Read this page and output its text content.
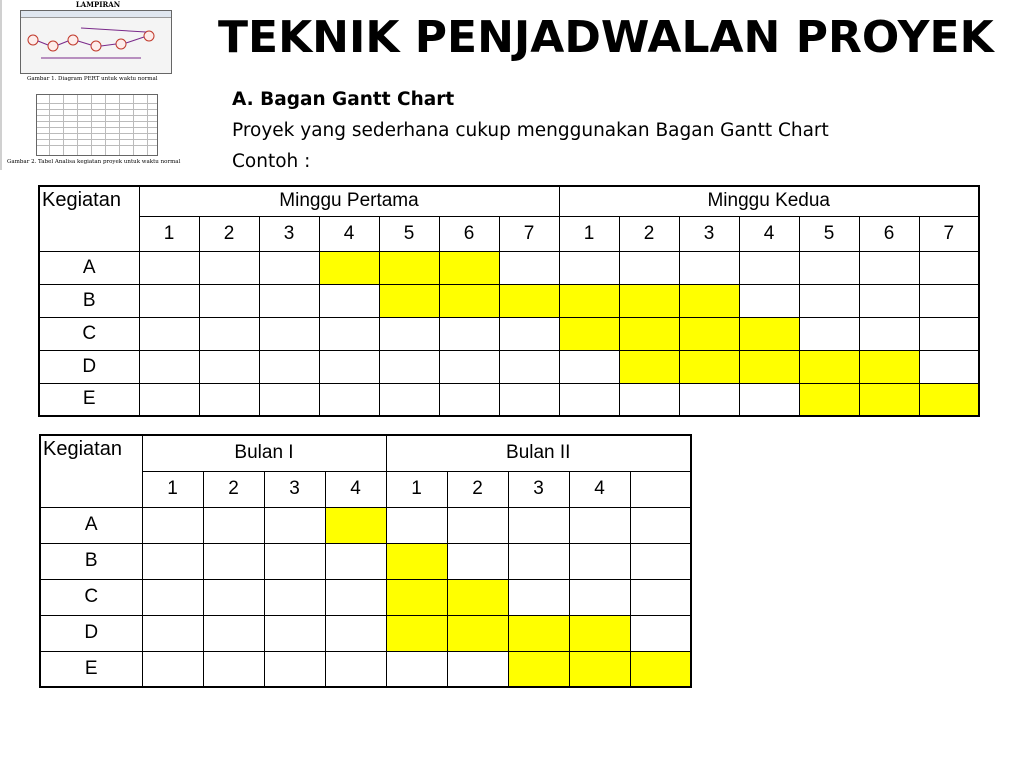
LAMPIRAN
Gambar 1. Diagram PERT untuk waktu normal
Gambar 2. Tabel Analisa kegiatan proyek untuk waktu normal
TEKNIK PENJADWALAN PROYEK
A. Bagan Gantt Chart
Proyek yang sederhana cukup menggunakan Bagan Gantt Chart
Contoh :
Kegiatan	Minggu Pertama							Minggu Kedua						
	1	2	3	4	5	6	7	1	2	3	4	5	6	7
A														
B														
C														
D														
E														
Kegiatan	Bulan I				Bulan II				
	1	2	3	4	1	2	3	4	
A									
B									
C									
D									
E									
